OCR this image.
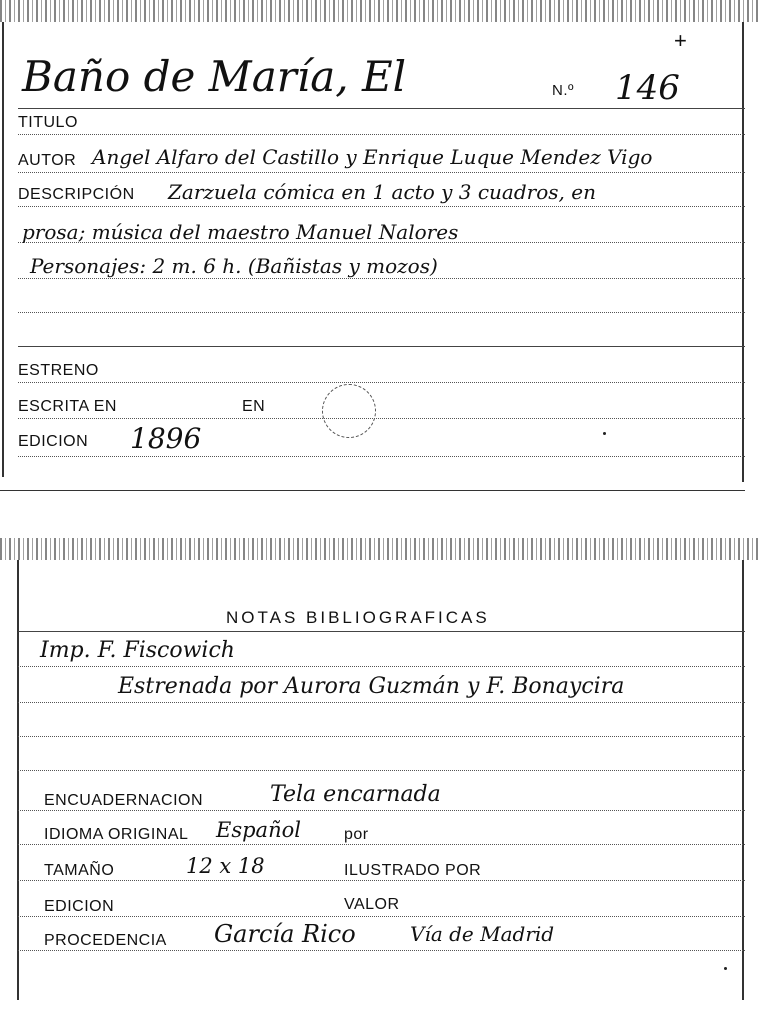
+
Baño de María, El	N.º 146
TITULO
AUTOR Angel Alfaro del Castillo y Enrique Luque Mendez Vigo
DESCRIPCIÓN Zarzuela cómica en 1 acto y 3 cuadros, en
prosa; música del maestro Manuel Nalores
Personajes: 2 m. 6 h. (Bañistas y mozos)
ESTRENO
ESCRITA EN	EN
EDICION 1896
NOTAS BIBLIOGRAFICAS
Imp. F. Fiscowich
Estrenada por Aurora Guzmán y F. Bonaycira
ENCUADERNACION	Tela encarnada
IDIOMA ORIGINAL Español	por
TAMAÑO	12 x 18	ILUSTRADO POR
EDICION	VALOR
PROCEDENCIA García Rico	Vía de Madrid
